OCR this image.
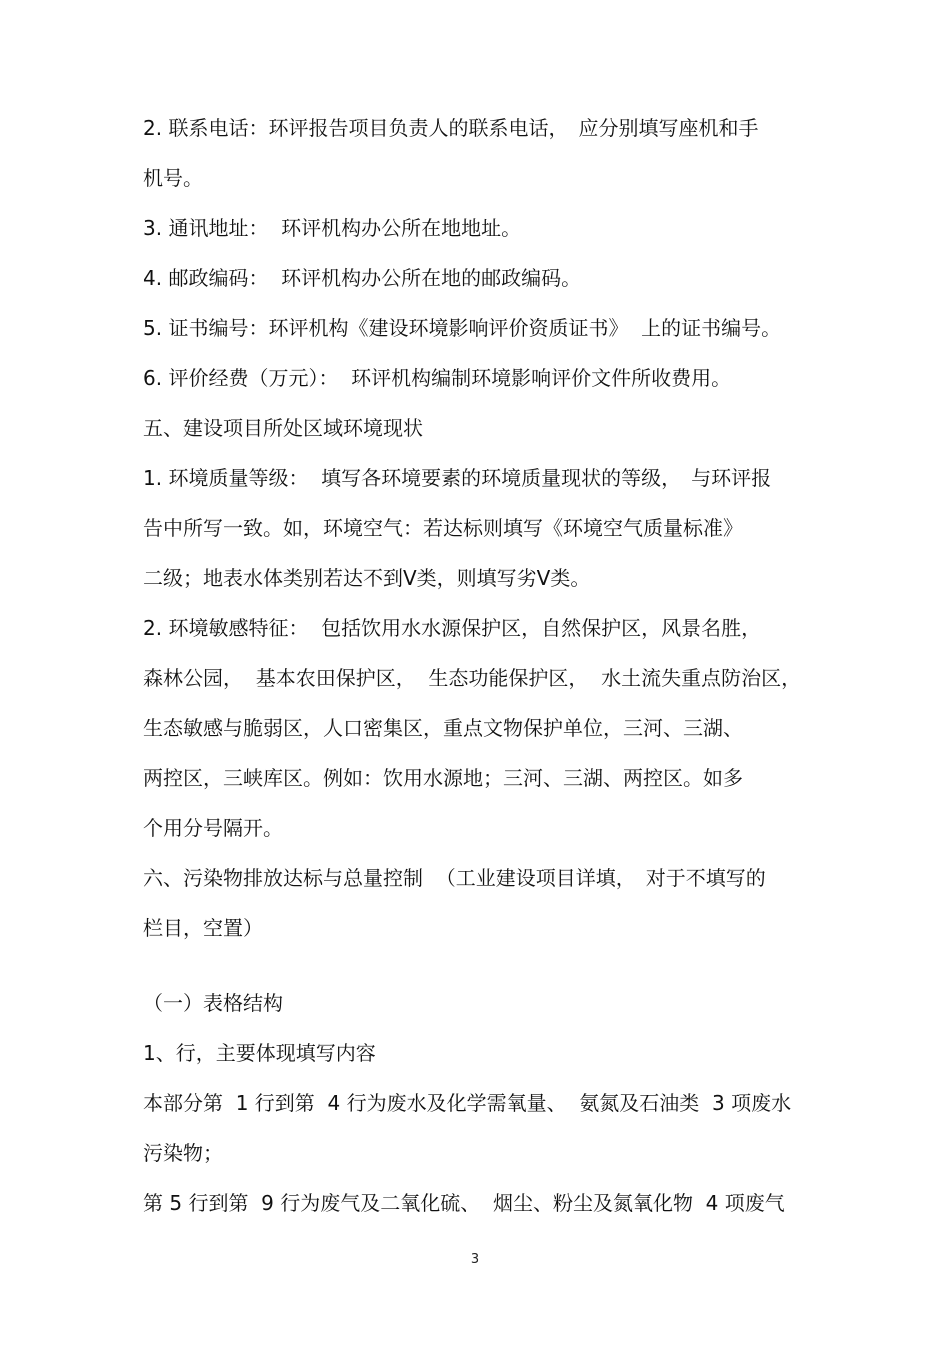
2. 联系电话：环评报告项目负责人的联系电话，　应分别填写座机和手
机号。
3. 通讯地址：  环评机构办公所在地地址。
4. 邮政编码：  环评机构办公所在地的邮政编码。
5. 证书编号：环评机构《建设环境影响评价资质证书》  上的证书编号。
6. 评价经费（万元）：  环评机构编制环境影响评价文件所收费用。
五、建设项目所处区域环境现状
1. 环境质量等级：  填写各环境要素的环境质量现状的等级，　与环评报
告中所写一致。如，环境空气：若达标则填写《环境空气质量标准》
二级；地表水体类别若达不到Ⅴ类，则填写劣Ⅴ类。
2. 环境敏感特征：  包括饮用水水源保护区，自然保护区，风景名胜，
森林公园，  基本农田保护区，  生态功能保护区，  水土流失重点防治区，
生态敏感与脆弱区，人口密集区，重点文物保护单位，三河、三湖、
两控区，三峡库区。例如：饮用水源地；三河、三湖、两控区。如多
个用分号隔开。
六、污染物排放达标与总量控制  （工业建设项目详填，　对于不填写的
栏目，空置）
（一）表格结构
1、行，主要体现填写内容
本部分第  1 行到第  4 行为废水及化学需氧量、  氨氮及石油类  3 项废水
污染物；
第 5 行到第  9 行为废气及二氧化硫、  烟尘、粉尘及氮氧化物  4 项废气
3
